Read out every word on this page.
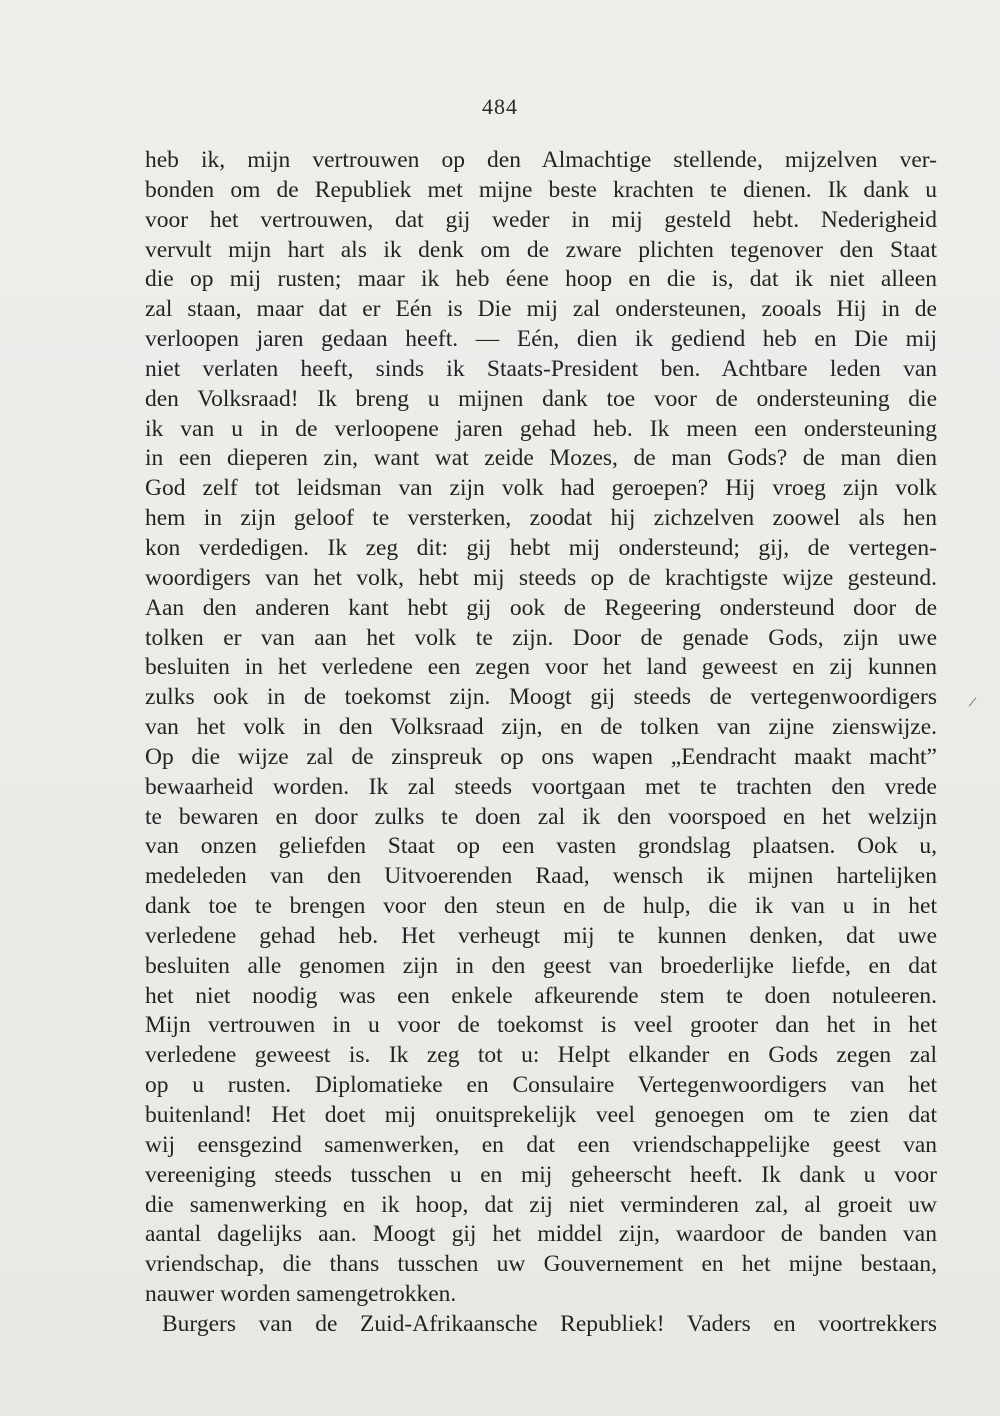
484
heb ik, mijn vertrouwen op den Almachtige stellende, mijzelven ver-
bonden om de Republiek met mijne beste krachten te dienen. Ik dank u
voor het vertrouwen, dat gij weder in mij gesteld hebt. Nederigheid
vervult mijn hart als ik denk om de zware plichten tegenover den Staat
die op mij rusten; maar ik heb éene hoop en die is, dat ik niet alleen
zal staan, maar dat er Eén is Die mij zal ondersteunen, zooals Hij in de
verloopen jaren gedaan heeft. — Eén, dien ik gediend heb en Die mij
niet verlaten heeft, sinds ik Staats-President ben. Achtbare leden van
den Volksraad! Ik breng u mijnen dank toe voor de ondersteuning die
ik van u in de verloopene jaren gehad heb. Ik meen een ondersteuning
in een dieperen zin, want wat zeide Mozes, de man Gods? de man dien
God zelf tot leidsman van zijn volk had geroepen? Hij vroeg zijn volk
hem in zijn geloof te versterken, zoodat hij zichzelven zoowel als hen
kon verdedigen. Ik zeg dit: gij hebt mij ondersteund; gij, de vertegen-
woordigers van het volk, hebt mij steeds op de krachtigste wijze gesteund.
Aan den anderen kant hebt gij ook de Regeering ondersteund door de
tolken er van aan het volk te zijn. Door de genade Gods, zijn uwe
besluiten in het verledene een zegen voor het land geweest en zij kunnen
zulks ook in de toekomst zijn. Moogt gij steeds de vertegenwoordigers
van het volk in den Volksraad zijn, en de tolken van zijne zienswijze.
Op die wijze zal de zinspreuk op ons wapen „Eendracht maakt macht”
bewaarheid worden. Ik zal steeds voortgaan met te trachten den vrede
te bewaren en door zulks te doen zal ik den voorspoed en het welzijn
van onzen geliefden Staat op een vasten grondslag plaatsen. Ook u,
medeleden van den Uitvoerenden Raad, wensch ik mijnen hartelijken
dank toe te brengen voor den steun en de hulp, die ik van u in het
verledene gehad heb. Het verheugt mij te kunnen denken, dat uwe
besluiten alle genomen zijn in den geest van broederlijke liefde, en dat
het niet noodig was een enkele afkeurende stem te doen notuleeren.
Mijn vertrouwen in u voor de toekomst is veel grooter dan het in het
verledene geweest is. Ik zeg tot u: Helpt elkander en Gods zegen zal
op u rusten. Diplomatieke en Consulaire Vertegenwoordigers van het
buitenland! Het doet mij onuitsprekelijk veel genoegen om te zien dat
wij eensgezind samenwerken, en dat een vriendschappelijke geest van
vereeniging steeds tusschen u en mij geheerscht heeft. Ik dank u voor
die samenwerking en ik hoop, dat zij niet verminderen zal, al groeit uw
aantal dagelijks aan. Moogt gij het middel zijn, waardoor de banden van
vriendschap, die thans tusschen uw Gouvernement en het mijne bestaan,
nauwer worden samengetrokken.
Burgers van de Zuid-Afrikaansche Republiek! Vaders en voortrekkers
/
